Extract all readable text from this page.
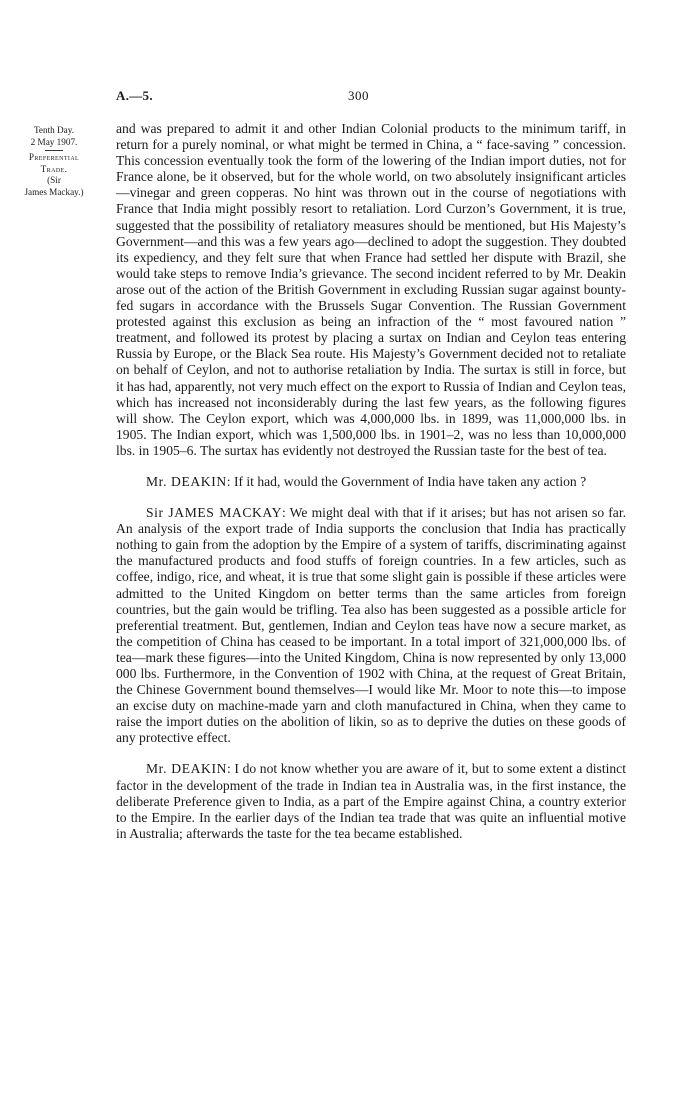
A.—5.	300
Tenth Day.
2 May 1907.
Preferential
Trade.
(Sir
James Mackay.)

and was prepared to admit it and other Indian Colonial products to the minimum tariff, in return for a purely nominal, or what might be termed in China, a “ face-saving ” concession. This concession eventually took the form of the lowering of the Indian import duties, not for France alone, be it observed, but for the whole world, on two absolutely insignificant articles—vinegar and green copperas. No hint was thrown out in the course of negotiations with France that India might possibly resort to retaliation. Lord Curzon’s Government, it is true, suggested that the possibility of retaliatory measures should be mentioned, but His Majesty’s Government—and this was a few years ago—declined to adopt the suggestion. They doubted its expediency, and they felt sure that when France had settled her dispute with Brazil, she would take steps to remove India’s grievance. The second incident referred to by Mr. Deakin arose out of the action of the British Government in excluding Russian sugar against bounty-fed sugars in accordance with the Brussels Sugar Convention. The Russian Government protested against this exclusion as being an infraction of the “ most favoured nation ” treatment, and followed its protest by placing a surtax on Indian and Ceylon teas entering Russia by Europe, or the Black Sea route. His Majesty’s Government decided not to retaliate on behalf of Ceylon, and not to authorise retaliation by India. The surtax is still in force, but it has had, apparently, not very much effect on the export to Russia of Indian and Ceylon teas, which has increased not inconsiderably during the last few years, as the following figures will show. The Ceylon export, which was 4,000,000 lbs. in 1899, was 11,000,000 lbs. in 1905. The Indian export, which was 1,500,000 lbs. in 1901–2, was no less than 10,000,000 lbs. in 1905–6. The surtax has evidently not destroyed the Russian taste for the best of tea.

Mr. DEAKIN: If it had, would the Government of India have taken any action ?

Sir JAMES MACKAY: We might deal with that if it arises; but has not arisen so far. An analysis of the export trade of India supports the conclusion that India has practically nothing to gain from the adoption by the Empire of a system of tariffs, discriminating against the manufactured products and food stuffs of foreign countries. In a few articles, such as coffee, indigo, rice, and wheat, it is true that some slight gain is possible if these articles were admitted to the United Kingdom on better terms than the same articles from foreign countries, but the gain would be trifling. Tea also has been suggested as a possible article for preferential treatment. But, gentlemen, Indian and Ceylon teas have now a secure market, as the competition of China has ceased to be important. In a total import of 321,000,000 lbs. of tea—mark these figures—into the United Kingdom, China is now represented by only 13,000 000 lbs. Furthermore, in the Convention of 1902 with China, at the request of Great Britain, the Chinese Government bound themselves—I would like Mr. Moor to note this—to impose an excise duty on machine-made yarn and cloth manufactured in China, when they came to raise the import duties on the abolition of likin, so as to deprive the duties on these goods of any protective effect.

Mr. DEAKIN: I do not know whether you are aware of it, but to some extent a distinct factor in the development of the trade in Indian tea in Australia was, in the first instance, the deliberate Preference given to India, as a part of the Empire against China, a country exterior to the Empire. In the earlier days of the Indian tea trade that was quite an influential motive in Australia; afterwards the taste for the tea became established.
